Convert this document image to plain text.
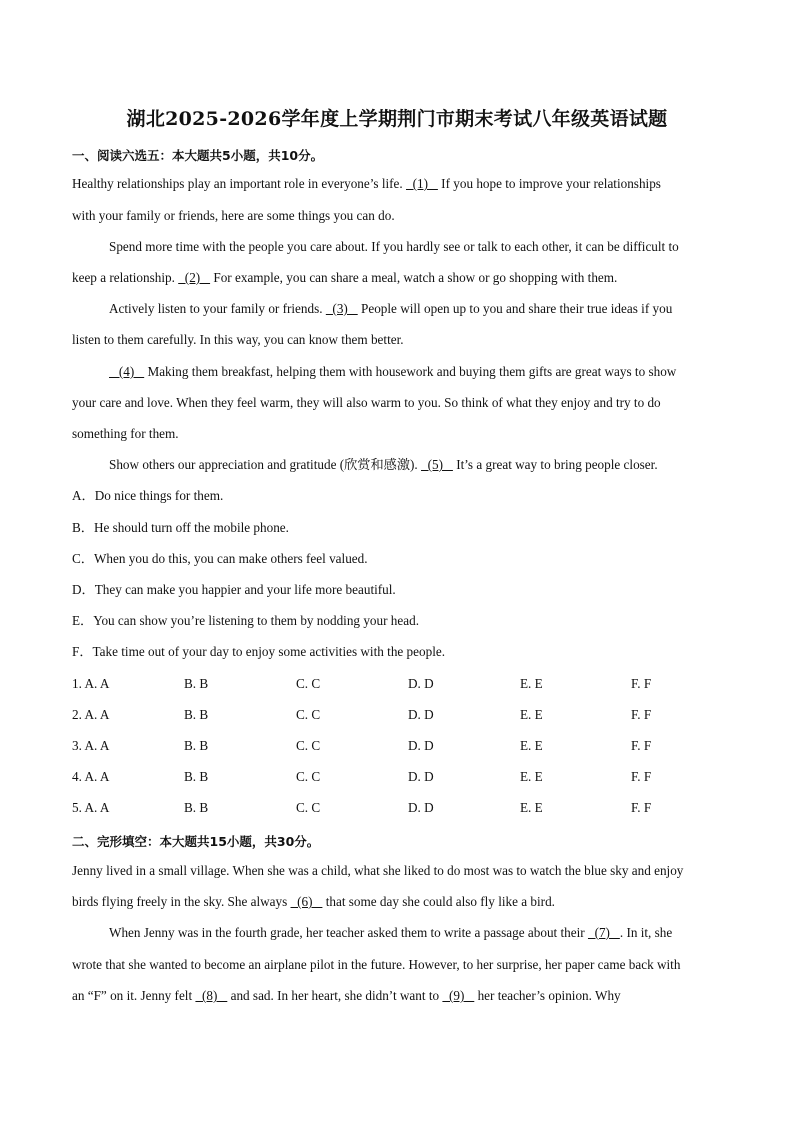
湖北2025-2026学年度上学期荆门市期末考试八年级英语试题
一、阅读六选五：本大题共5小题，共10分。
Healthy relationships play an important role in everyone’s life.   (1)    If you hope to improve your relationships
with your family or friends, here are some things you can do.
Spend more time with the people you care about. If you hardly see or talk to each other, it can be difficult to
keep a relationship.   (2)    For example, you can share a meal, watch a show or go shopping with them.
Actively listen to your family or friends.   (3)    People will open up to you and share their true ideas if you
listen to them carefully. In this way, you can know them better.
(4)    Making them breakfast, helping them with housework and buying them gifts are great ways to show
your care and love. When they feel warm, they will also warm to you. So think of what they enjoy and try to do
something for them.
Show others our appreciation and gratitude (欣赏和感激).   (5)    It’s a great way to bring people closer.
A．Do nice things for them.
B．He should turn off the mobile phone.
C．When you do this, you can make others feel valued.
D．They can make you happier and your life more beautiful.
E．You can show you’re listening to them by nodding your head.
F．Take time out of your day to enjoy some activities with the people.
1. A. A	B. B	C. C	D. D	E. E	F. F
2. A. A	B. B	C. C	D. D	E. E	F. F
3. A. A	B. B	C. C	D. D	E. E	F. F
4. A. A	B. B	C. C	D. D	E. E	F. F
5. A. A	B. B	C. C	D. D	E. E	F. F
二、完形填空：本大题共15小题，共30分。
Jenny lived in a small village. When she was a child, what she liked to do most was to watch the blue sky and enjoy
birds flying freely in the sky. She always   (6)    that some day she could also fly like a bird.
When Jenny was in the fourth grade, her teacher asked them to write a passage about their   (7)   . In it, she
wrote that she wanted to become an airplane pilot in the future. However, to her surprise, her paper came back with
an “F” on it. Jenny felt   (8)    and sad. In her heart, she didn’t want to   (9)    her teacher’s opinion. Why
